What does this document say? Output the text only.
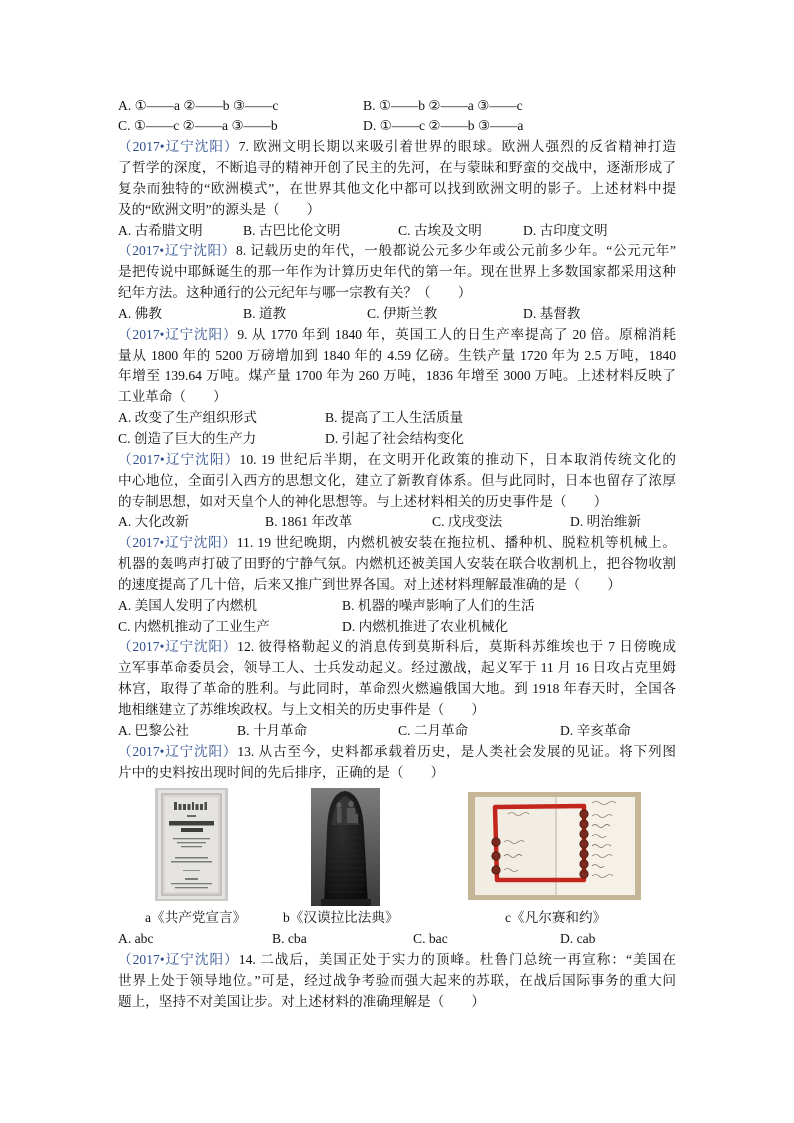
A. ①——a ②——b ③——c	B. ①——b ②——a ③——c
C. ①——c ②——a ③——b	D. ①——c ②——b ③——a
（2017•辽宁沈阳）7. 欧洲文明长期以来吸引着世界的眼球。欧洲人强烈的反省精神打造
了哲学的深度，不断追寻的精神开创了民主的先河，在与蒙昧和野蛮的交战中，逐渐形成了
复杂而独特的“欧洲模式”，在世界其他文化中都可以找到欧洲文明的影子。上述材料中提
及的“欧洲文明”的源头是（　　）
A. 古希腊文明	B. 古巴比伦文明	C. 古埃及文明	D. 古印度文明
（2017•辽宁沈阳）8. 记载历史的年代，一般都说公元多少年或公元前多少年。“公元元年”
是把传说中耶稣诞生的那一年作为计算历史年代的第一年。现在世界上多数国家都采用这种
纪年方法。这种通行的公元纪年与哪一宗教有关？（　　）
A. 佛教	B. 道教	C. 伊斯兰教	D. 基督教
（2017•辽宁沈阳）9. 从 1770 年到 1840 年，英国工人的日生产率提高了 20 倍。原棉消耗
量从 1800 年的 5200 万磅增加到 1840 年的 4.59 亿磅。生铁产量 1720 年为 2.5 万吨，1840
年增至 139.64 万吨。煤产量 1700 年为 260 万吨，1836 年增至 3000 万吨。上述材料反映了
工业革命（　　）
A. 改变了生产组织形式	B. 提高了工人生活质量
C. 创造了巨大的生产力	D. 引起了社会结构变化
（2017•辽宁沈阳）10. 19 世纪后半期，在文明开化政策的推动下，日本取消传统文化的
中心地位，全面引入西方的思想文化，建立了新教育体系。但与此同时，日本也留存了浓厚
的专制思想，如对天皇个人的神化思想等。与上述材料相关的历史事件是（　　）
A. 大化改新	B. 1861 年改革	C. 戊戌变法	D. 明治维新
（2017•辽宁沈阳）11. 19 世纪晚期，内燃机被安装在拖拉机、播种机、脱粒机等机械上。
机器的轰鸣声打破了田野的宁静气氛。内燃机还被美国人安装在联合收割机上，把谷物收割
的速度提高了几十倍，后来又推广到世界各国。对上述材料理解最准确的是（　　）
A. 美国人发明了内燃机	B. 机器的噪声影响了人们的生活
C. 内燃机推动了工业生产	D. 内燃机推进了农业机械化
（2017•辽宁沈阳）12. 彼得格勒起义的消息传到莫斯科后，莫斯科苏维埃也于 7 日傍晚成
立军事革命委员会，领导工人、士兵发动起义。经过激战，起义军于 11 月 16 日攻占克里姆
林宫，取得了革命的胜利。与此同时，革命烈火燃遍俄国大地。到 1918 年春天时，全国各
地相继建立了苏维埃政权。与上文相关的历史事件是（　　）
A. 巴黎公社	B. 十月革命	C. 二月革命	D. 辛亥革命
（2017•辽宁沈阳）13. 从古至今，史料都承载着历史，是人类社会发展的见证。将下列图
片中的史料按出现时间的先后排序，正确的是（　　）
a《共产党宣言》	b《汉谟拉比法典》	c《凡尔赛和约》
A. abc	B. cba	C. bac	D. cab
（2017•辽宁沈阳）14. 二战后，美国正处于实力的顶峰。杜鲁门总统一再宣称：“美国在
世界上处于领导地位。”可是，经过战争考验而强大起来的苏联，在战后国际事务的重大问
题上，坚持不对美国让步。对上述材料的准确理解是（　　）
